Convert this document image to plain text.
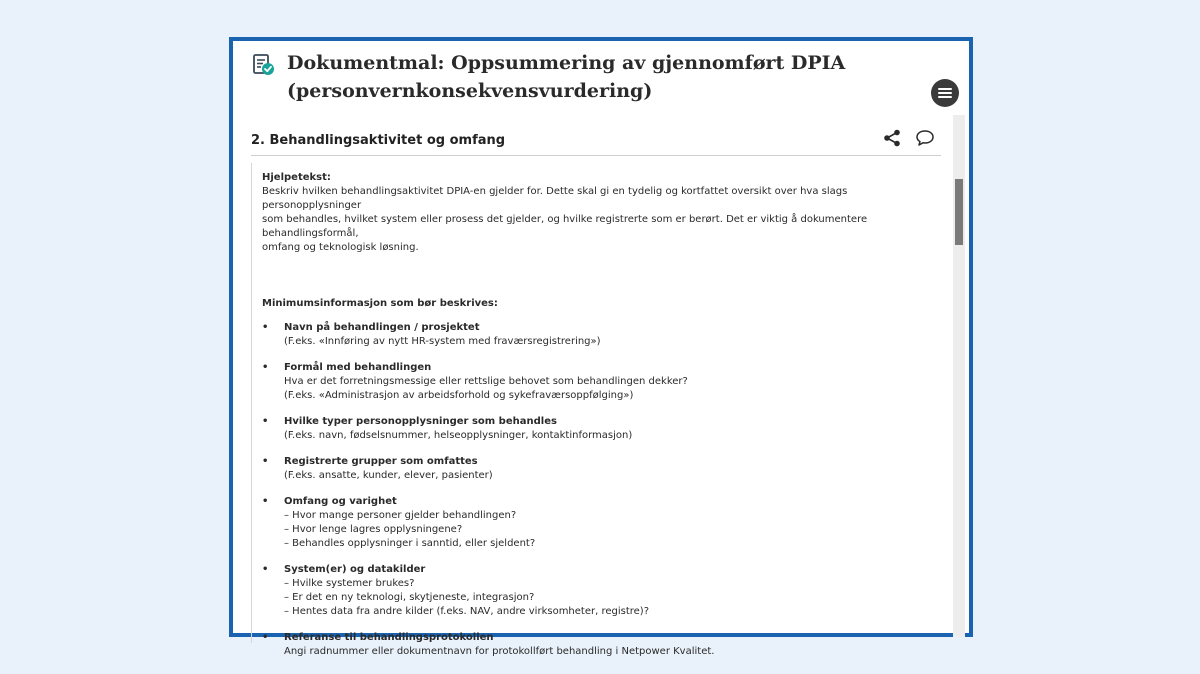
Dokumentmal: Oppsummering av gjennomført DPIA
(personvernkonsekvensvurdering)
2. Behandlingsaktivitet og omfang
Hjelpetekst:
Beskriv hvilken behandlingsaktivitet DPIA-en gjelder for. Dette skal gi en tydelig og kortfattet oversikt over hva slags personopplysninger
som behandles, hvilket system eller prosess det gjelder, og hvilke registrerte som er berørt. Det er viktig å dokumentere behandlingsformål,
omfang og teknologisk løsning.
Minimumsinformasjon som bør beskrives:
• Navn på behandlingen / prosjektet
(F.eks. «Innføring av nytt HR-system med fraværsregistrering»)
• Formål med behandlingen
Hva er det forretningsmessige eller rettslige behovet som behandlingen dekker?
(F.eks. «Administrasjon av arbeidsforhold og sykefraværsoppfølging»)
• Hvilke typer personopplysninger som behandles
(F.eks. navn, fødselsnummer, helseopplysninger, kontaktinformasjon)
• Registrerte grupper som omfattes
(F.eks. ansatte, kunder, elever, pasienter)
• Omfang og varighet
– Hvor mange personer gjelder behandlingen?
– Hvor lenge lagres opplysningene?
– Behandles opplysninger i sanntid, eller sjeldent?
• System(er) og datakilder
– Hvilke systemer brukes?
– Er det en ny teknologi, skytjeneste, integrasjon?
– Hentes data fra andre kilder (f.eks. NAV, andre virksomheter, registre)?
• Referanse til behandlingsprotokollen
Angi radnummer eller dokumentnavn for protokollført behandling i Netpower Kvalitet.
